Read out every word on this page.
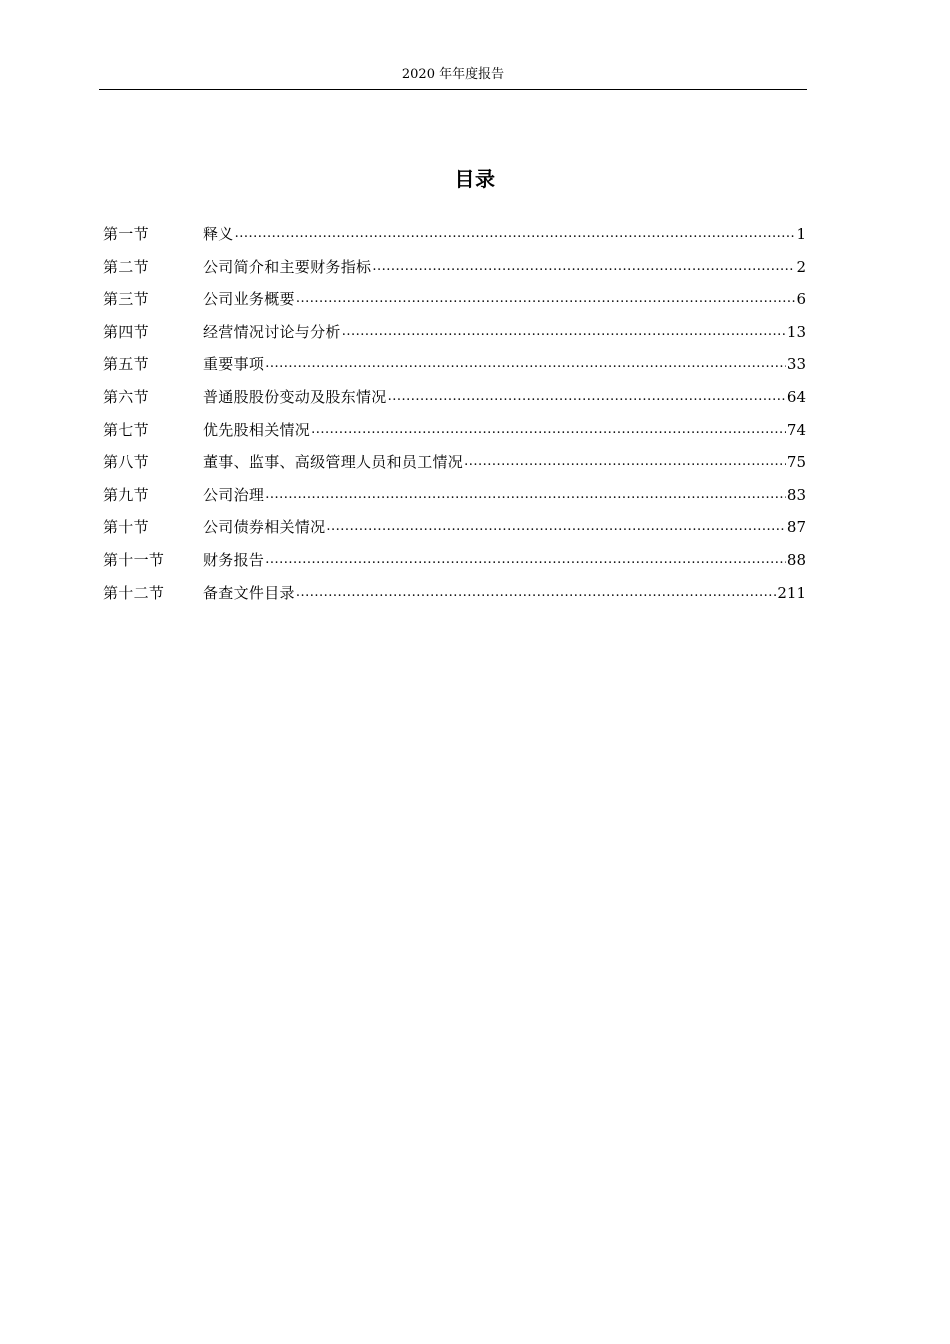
2020 年年度报告
目录
第一节	释义 .....	1
第二节	公司简介和主要财务指标 .....	2
第三节	公司业务概要 .....	6
第四节	经营情况讨论与分析 .....	13
第五节	重要事项 .....	33
第六节	普通股股份变动及股东情况 .....	64
第七节	优先股相关情况 .....	74
第八节	董事、监事、高级管理人员和员工情况 .....	75
第九节	公司治理 .....	83
第十节	公司债券相关情况 .....	87
第十一节	财务报告 .....	88
第十二节	备查文件目录 .....	211
